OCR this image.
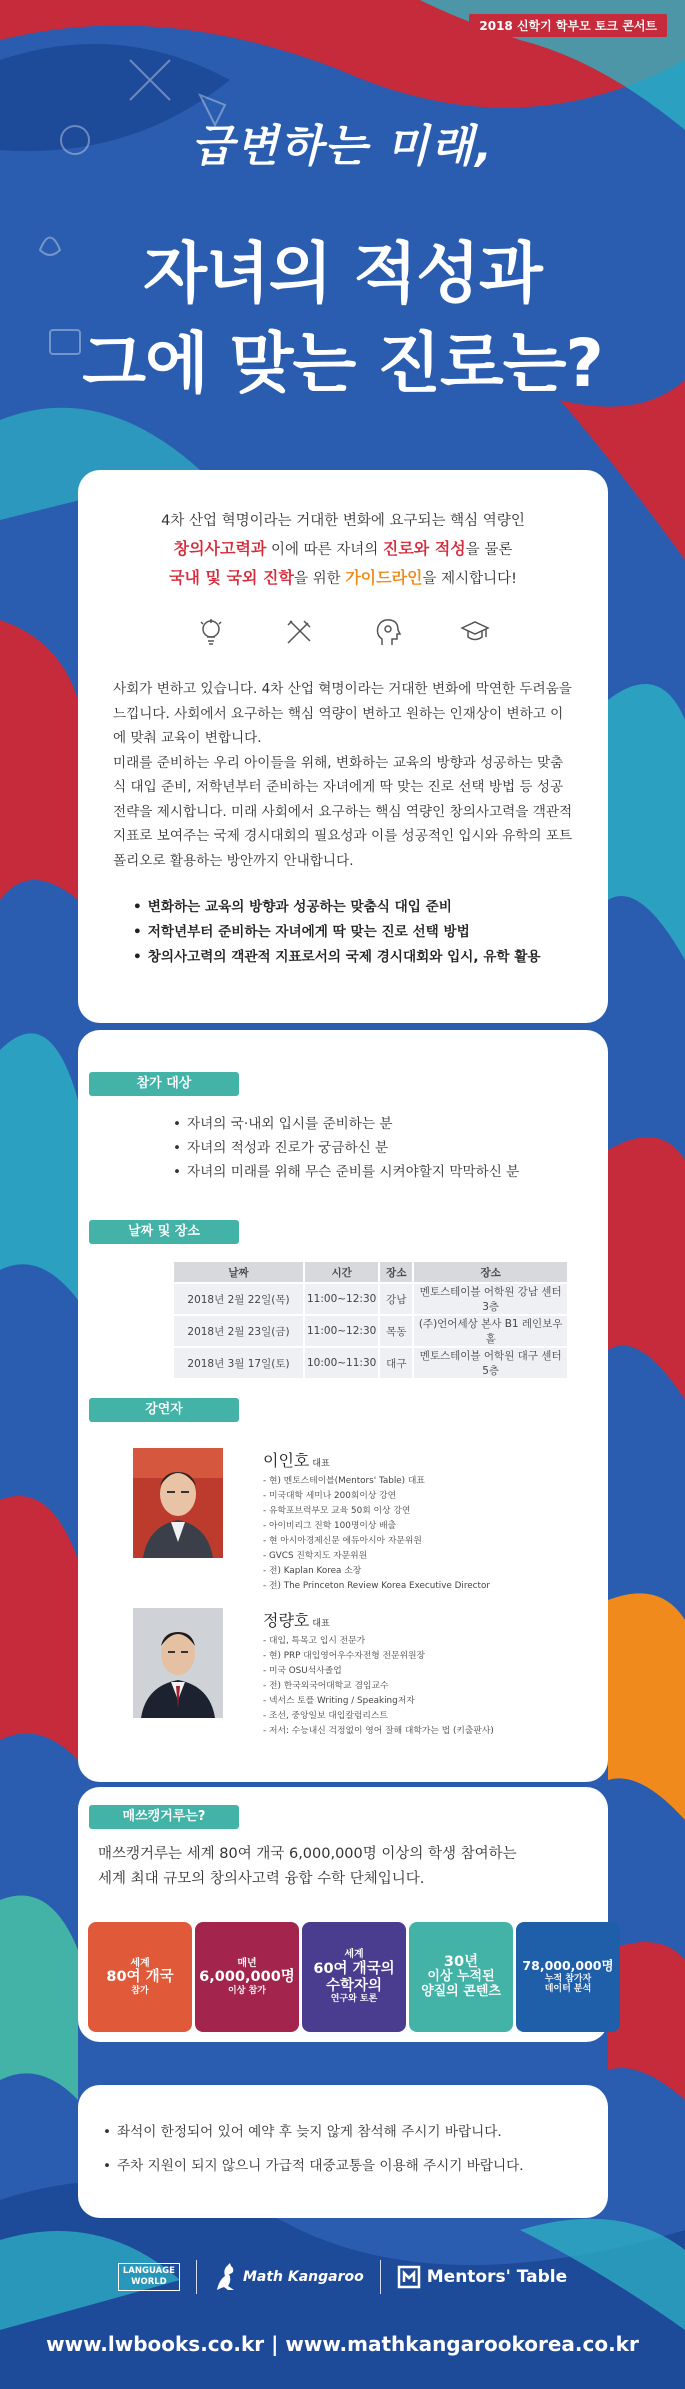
2018 신학기 학부모 토크 콘서트
급변하는 미래,
자녀의 적성과
그에 맞는 진로는?
4차 산업 혁명이라는 거대한 변화에 요구되는 핵심 역량인
창의사고력과 이에 따른 자녀의 진로와 적성을 물론
국내 및 국외 진학을 위한 가이드라인을 제시합니다!

사회가 변하고 있습니다. 4차 산업 혁명이라는 거대한 변화에 막연한 두려움을 느낍니다. 사회에서 요구하는 핵심 역량이 변하고 원하는 인재상이 변하고 이에 맞춰 교육이 변합니다.

미래를 준비하는 우리 아이들을 위해, 변화하는 교육의 방향과 성공하는 맞춤식 대입 준비, 저학년부터 준비하는 자녀에게 딱 맞는 진로 선택 방법 등 성공 전략을 제시합니다. 미래 사회에서 요구하는 핵심 역량인 창의사고력을 객관적 지표로 보여주는 국제 경시대회의 필요성과 이를 성공적인 입시와 유학의 포트폴리오로 활용하는 방안까지 안내합니다.

• 변화하는 교육의 방향과 성공하는 맞춤식 대입 준비
• 저학년부터 준비하는 자녀에게 딱 맞는 진로 선택 방법
• 창의사고력의 객관적 지표로서의 국제 경시대회와 입시, 유학 활용
참가 대상
• 자녀의 국·내외 입시를 준비하는 분
• 자녀의 적성과 진로가 궁금하신 분
• 자녀의 미래를 위해 무슨 준비를 시켜야할지 막막하신 분
날짜 및 장소
날짜	시간	장소	장소
2018년 2월 22일(목)	11:00~12:30	강남	멘토스테이블 어학원 강남 센터 3층
2018년 2월 23일(금)	11:00~12:30	목동	(주)언어세상 본사 B1 레인보우홀
2018년 3월 17일(토)	10:00~11:30	대구	멘토스테이블 어학원 대구 센터 5층
강연자
이인호 대표
- 현) 멘토스테이블(Mentors' Table) 대표
- 미국대학 세미나 200회이상 강연
- 유학포브럭부모 교육 50회 이상 강연
- 아이비리그 진학 100명이상 배출
- 현 아시아경제신문 에듀아시아 자문위원
- GVCS 진학지도 자문위원
- 전) Kaplan Korea 소장
- 전) The Princeton Review Korea Executive Director
정량호 대표
- 대입, 특목고 입시 전문가
- 현) PRP 대입영어우수자전형 전문위원장
- 미국 OSU석사졸업
- 전) 한국외국어대학교 겸임교수
- 넥서스 토플 Writing / Speaking저자
- 조선, 중앙일보 대입칼럼리스트
- 저서: 수능내신 걱정없이 영어 잘해 대학가는 법 (키출판사)
매쓰캥거루는?
매쓰캥거루는 세계 80여 개국 6,000,000명 이상의 학생 참여하는
세계 최대 규모의 창의사고력 융합 수학 단체입니다.
세계
80여 개국
참가
매년
6,000,000명
이상 참가
세계
60여 개국의
수학자의
연구와 토론
30년
이상 누적된
양질의 콘텐츠
78,000,000명
누적 참가자
데이터 분석
• 좌석이 한정되어 있어 예약 후 늦지 않게 참석해 주시기 바랍니다.
• 주차 지원이 되지 않으니 가급적 대중교통을 이용해 주시기 바랍니다.
LANGUAGE
WORLD	Math Kangaroo	Mentors' Table
www.lwbooks.co.kr | www.mathkangarookorea.co.kr
